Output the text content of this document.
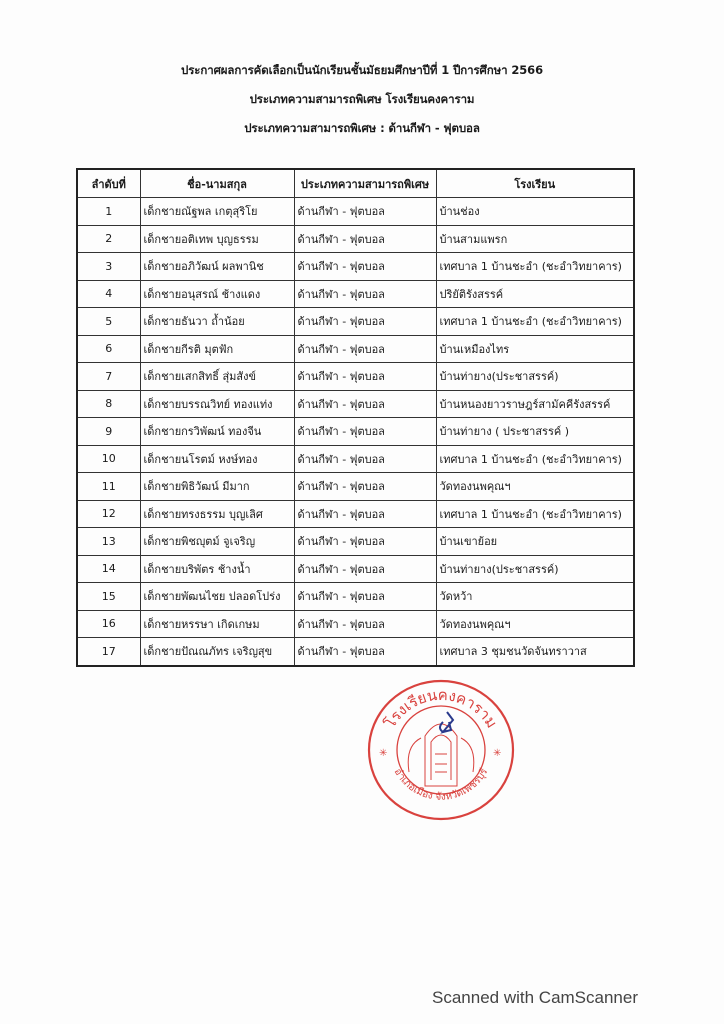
ประกาศผลการคัดเลือกเป็นนักเรียนชั้นมัธยมศึกษาปีที่ 1 ปีการศึกษา 2566
ประเภทความสามารถพิเศษ โรงเรียนคงคาราม
ประเภทความสามารถพิเศษ : ด้านกีฬา - ฟุตบอล
ลำดับที่	ชื่อ-นามสกุล	ประเภทความสามารถพิเศษ	โรงเรียน
1	เด็กชายณัฐพล เกตุสุริโย	ด้านกีฬา - ฟุตบอล	บ้านช่อง
2	เด็กชายอติเทพ บุญธรรม	ด้านกีฬา - ฟุตบอล	บ้านสามแพรก
3	เด็กชายอภิวัฒน์ ผลพานิช	ด้านกีฬา - ฟุตบอล	เทศบาล 1 บ้านชะอำ (ชะอำวิทยาคาร)
4	เด็กชายอนุสรณ์ ช้างแดง	ด้านกีฬา - ฟุตบอล	ปริยัติรังสรรค์
5	เด็กชายธันวา ถ้ำน้อย	ด้านกีฬา - ฟุตบอล	เทศบาล 1 บ้านชะอำ (ชะอำวิทยาคาร)
6	เด็กชายกีรติ มุตฟัก	ด้านกีฬา - ฟุตบอล	บ้านเหมืองไทร
7	เด็กชายเสกสิทธิ์ สุ่มสังข์	ด้านกีฬา - ฟุตบอล	บ้านท่ายาง(ประชาสรรค์)
8	เด็กชายบรรณวิทย์ ทองแท่ง	ด้านกีฬา - ฟุตบอล	บ้านหนองยาวราษฎร์สามัคคีรังสรรค์
9	เด็กชายกรวิพัฒน์ ทองจีน	ด้านกีฬา - ฟุตบอล	บ้านท่ายาง ( ประชาสรรค์ )
10	เด็กชายนโรตม์ หงษ์ทอง	ด้านกีฬา - ฟุตบอล	เทศบาล 1 บ้านชะอำ (ชะอำวิทยาคาร)
11	เด็กชายพิธิวัฒน์ มีมาก	ด้านกีฬา - ฟุตบอล	วัดทองนพคุณฯ
12	เด็กชายทรงธรรม บุญเลิศ	ด้านกีฬา - ฟุตบอล	เทศบาล 1 บ้านชะอำ (ชะอำวิทยาคาร)
13	เด็กชายพิชญุตม์ จูเจริญ	ด้านกีฬา - ฟุตบอล	บ้านเขาย้อย
14	เด็กชายบริพัตร ช้างน้ำ	ด้านกีฬา - ฟุตบอล	บ้านท่ายาง(ประชาสรรค์)
15	เด็กชายพัฒนไชย ปลอดโปร่ง	ด้านกีฬา - ฟุตบอล	วัดหว้า
16	เด็กชายหรรษา เกิดเกษม	ด้านกีฬา - ฟุตบอล	วัดทองนพคุณฯ
17	เด็กชายปัณณภัทร เจริญสุข	ด้านกีฬา - ฟุตบอล	เทศบาล 3 ชุมชนวัดจันทราวาส
โรงเรียนคงคาราม
อำเภอเมือง จังหวัดเพชรบุรี
✳	✳
Scanned with CamScanner
